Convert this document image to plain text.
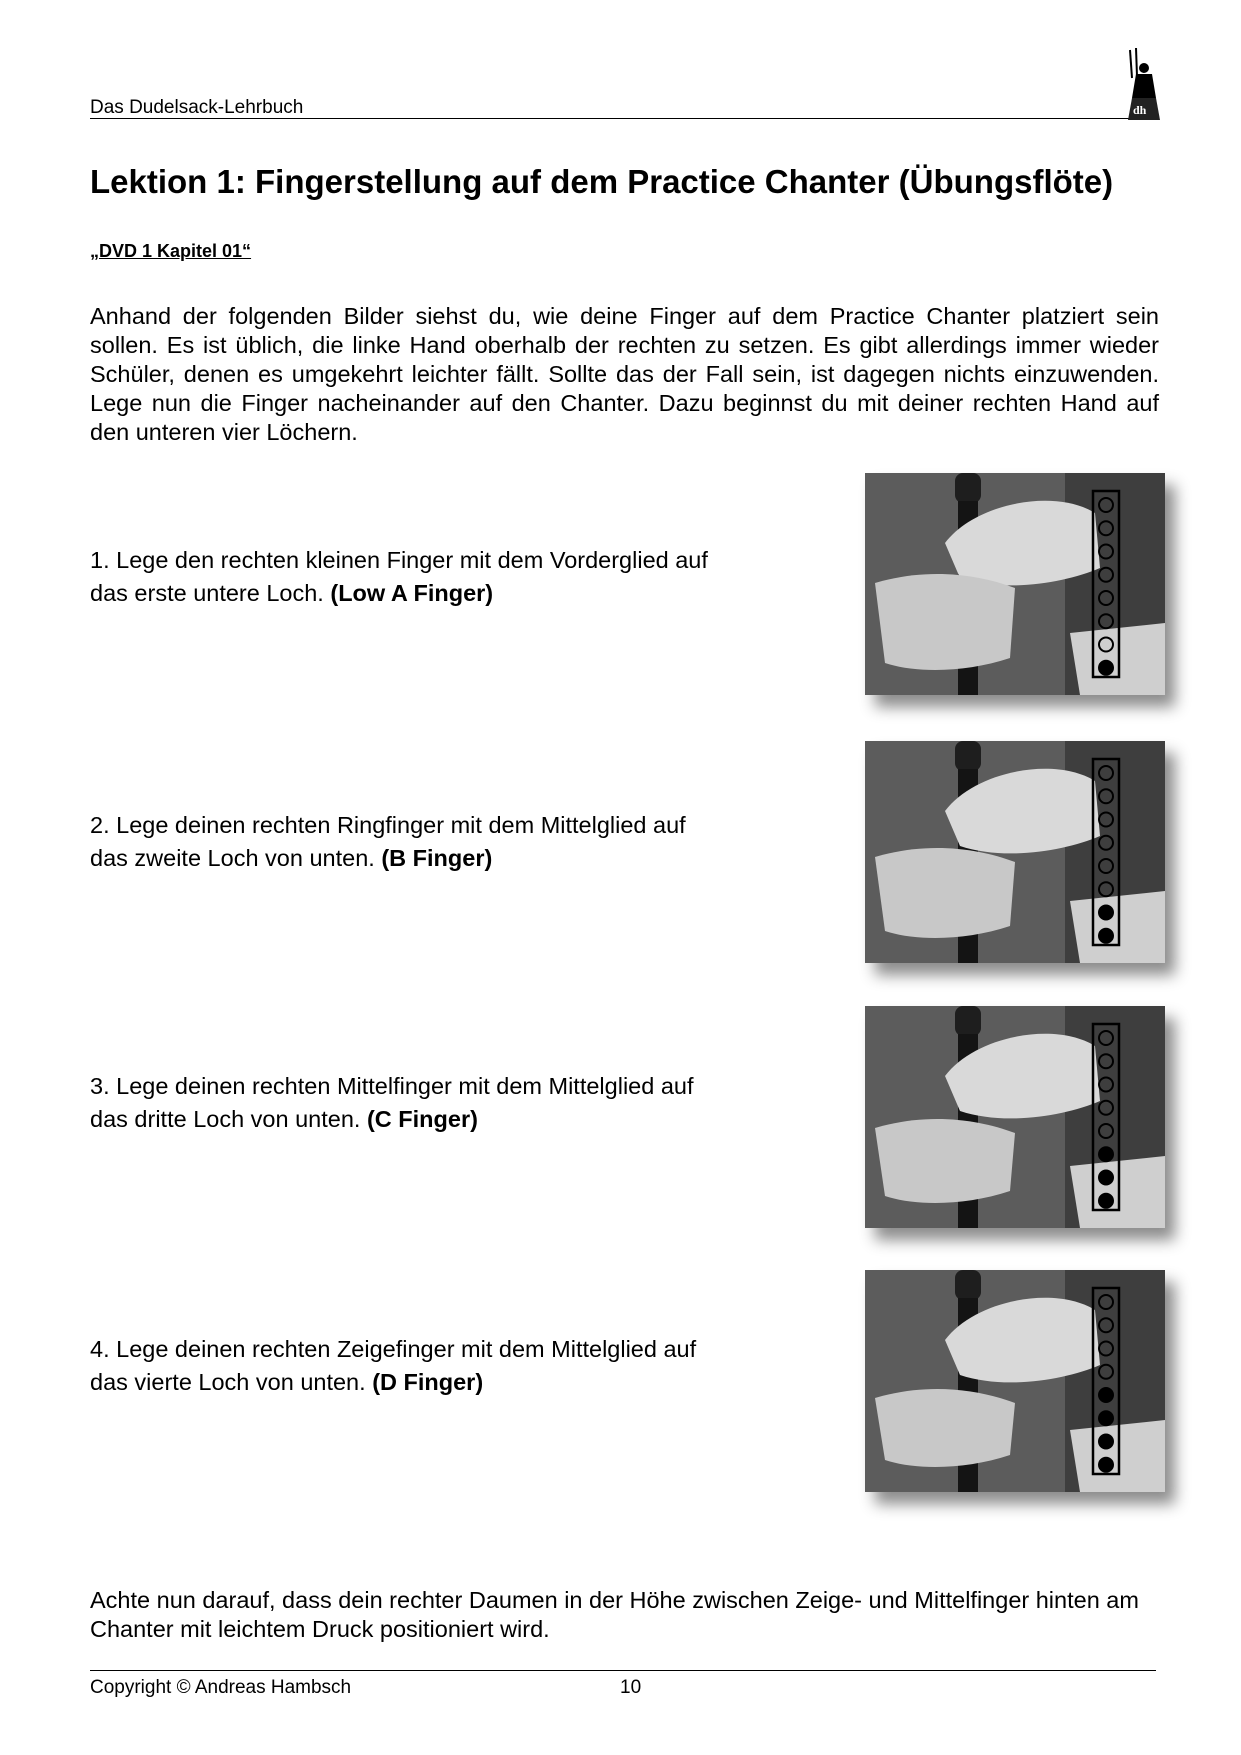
Das Dudelsack-Lehrbuch	dh
Lektion 1: Fingerstellung auf dem Practice Chanter (Übungsflöte)
„DVD 1 Kapitel 01“

Anhand der folgenden Bilder siehst du, wie deine Finger auf dem Practice Chanter platziert sein sollen. Es ist üblich, die linke Hand oberhalb der rechten zu setzen. Es gibt allerdings immer wieder Schüler, denen es umgekehrt leichter fällt. Sollte das der Fall sein, ist dagegen nichts einzuwenden. Lege nun die Finger nacheinander auf den Chanter. Dazu beginnst du mit deiner rechten Hand auf den unteren vier Löchern.

1. Lege den rechten kleinen Finger mit dem Vorderglied auf
das erste untere Loch. (Low A Finger)
2. Lege deinen rechten Ringfinger mit dem Mittelglied auf
das zweite Loch von unten. (B Finger)
3. Lege deinen rechten Mittelfinger mit dem Mittelglied auf
das dritte Loch von unten. (C Finger)
4. Lege deinen rechten Zeigefinger mit dem Mittelglied auf
das vierte Loch von unten. (D Finger)

Achte nun darauf, dass dein rechter Daumen in der Höhe zwischen Zeige- und Mittelfinger hinten am Chanter mit leichtem Druck positioniert wird.

Copyright © Andreas Hambsch	10
